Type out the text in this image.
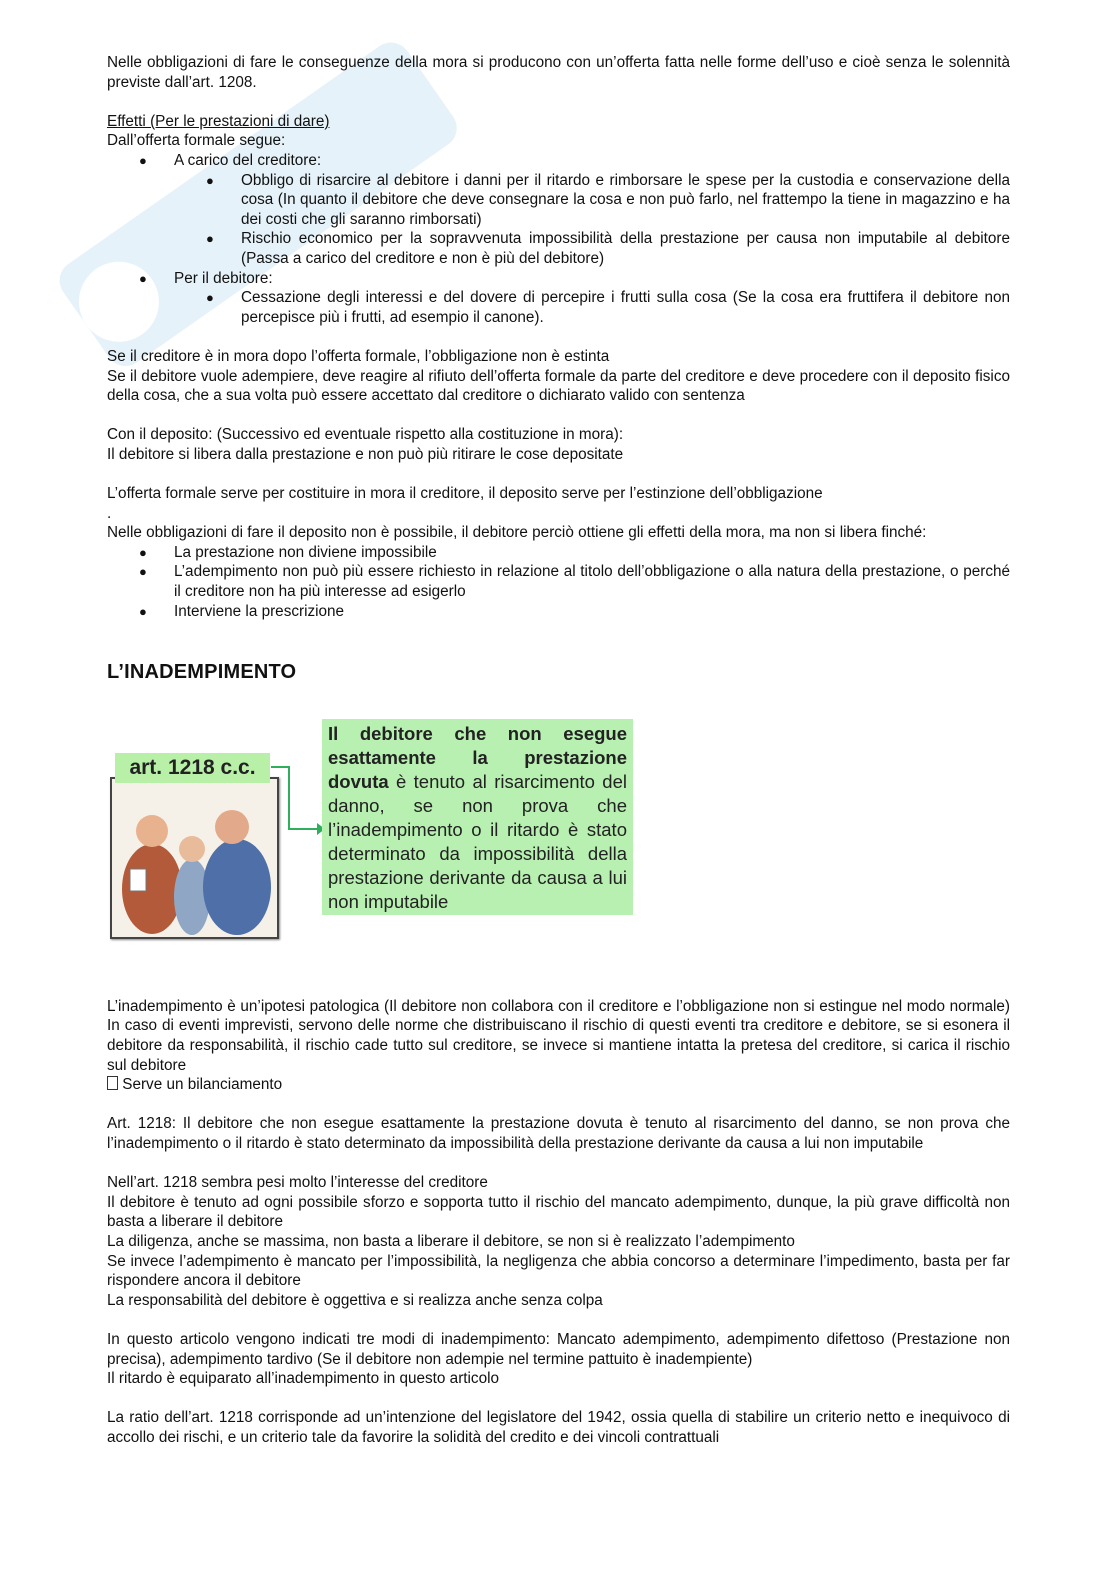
Nelle obbligazioni di fare le conseguenze della mora si producono con un’offerta fatta nelle forme dell’uso e cioè senza le solennità previste dall’art. 1208.

Effetti (Per le prestazioni di dare)

Dall’offerta formale segue:

● A carico del creditore:

● Obbligo di risarcire al debitore i danni per il ritardo e rimborsare le spese per la custodia e conservazione della cosa (In quanto il debitore che deve consegnare la cosa e non può farlo, nel frattempo la tiene in magazzino e ha dei costi che gli saranno rimborsati)

● Rischio economico per la sopravvenuta impossibilità della prestazione per causa non imputabile al debitore (Passa a carico del creditore e non è più del debitore)

● Per il debitore:

● Cessazione degli interessi e del dovere di percepire i frutti sulla cosa (Se la cosa era fruttifera il debitore non percepisce più i frutti, ad esempio il canone).

Se il creditore è in mora dopo l’offerta formale, l’obbligazione non è estinta

Se il debitore vuole adempiere, deve reagire al rifiuto dell’offerta formale da parte del creditore e deve procedere con il deposito fisico della cosa, che a sua volta può essere accettato dal creditore o dichiarato valido con sentenza

Con il deposito: (Successivo ed eventuale rispetto alla costituzione in mora):

Il debitore si libera dalla prestazione e non può più ritirare le cose depositate

L’offerta formale serve per costituire in mora il creditore, il deposito serve per l’estinzione dell’obbligazione

.

Nelle obbligazioni di fare il deposito non è possibile, il debitore perciò ottiene gli effetti della mora, ma non si libera finché:

● La prestazione non diviene impossibile

● L’adempimento non può più essere richiesto in relazione al titolo dell’obbligazione o alla natura della prestazione, o perché il creditore non ha più interesse ad esigerlo

● Interviene la prescrizione

L’INADEMPIMENTO
art. 1218 c.c.
Il debitore che non esegue esattamente la prestazione dovuta è tenuto al risarcimento del danno, se non prova che l’inadempimento o il ritardo è stato determinato da impossibilità della prestazione derivante da causa a lui non imputabile

L’inadempimento è un’ipotesi patologica (Il debitore non collabora con il creditore e l’obbligazione non si estingue nel modo normale) In caso di eventi imprevisti, servono delle norme che distribuiscano il rischio di questi eventi tra creditore e debitore, se si esonera il debitore da responsabilità, il rischio cade tutto sul creditore, se invece si mantiene intatta la pretesa del creditore, si carica il rischio sul debitore

Serve un bilanciamento

Art. 1218: Il debitore che non esegue esattamente la prestazione dovuta è tenuto al risarcimento del danno, se non prova che l’inadempimento o il ritardo è stato determinato da impossibilità della prestazione derivante da causa a lui non imputabile

Nell’art. 1218 sembra pesi molto l’interesse del creditore

Il debitore è tenuto ad ogni possibile sforzo e sopporta tutto il rischio del mancato adempimento, dunque, la più grave difficoltà non basta a liberare il debitore

La diligenza, anche se massima, non basta a liberare il debitore, se non si è realizzato l’adempimento

Se invece l’adempimento è mancato per l’impossibilità, la negligenza che abbia concorso a determinare l’impedimento, basta per far rispondere ancora il debitore

La responsabilità del debitore è oggettiva e si realizza anche senza colpa

In questo articolo vengono indicati tre modi di inadempimento: Mancato adempimento, adempimento difettoso (Prestazione non precisa), adempimento tardivo (Se il debitore non adempie nel termine pattuito è inadempiente)

Il ritardo è equiparato all’inadempimento in questo articolo

La ratio dell’art. 1218 corrisponde ad un’intenzione del legislatore del 1942, ossia quella di stabilire un criterio netto e inequivoco di accollo dei rischi, e un criterio tale da favorire la solidità del credito e dei vincoli contrattuali
